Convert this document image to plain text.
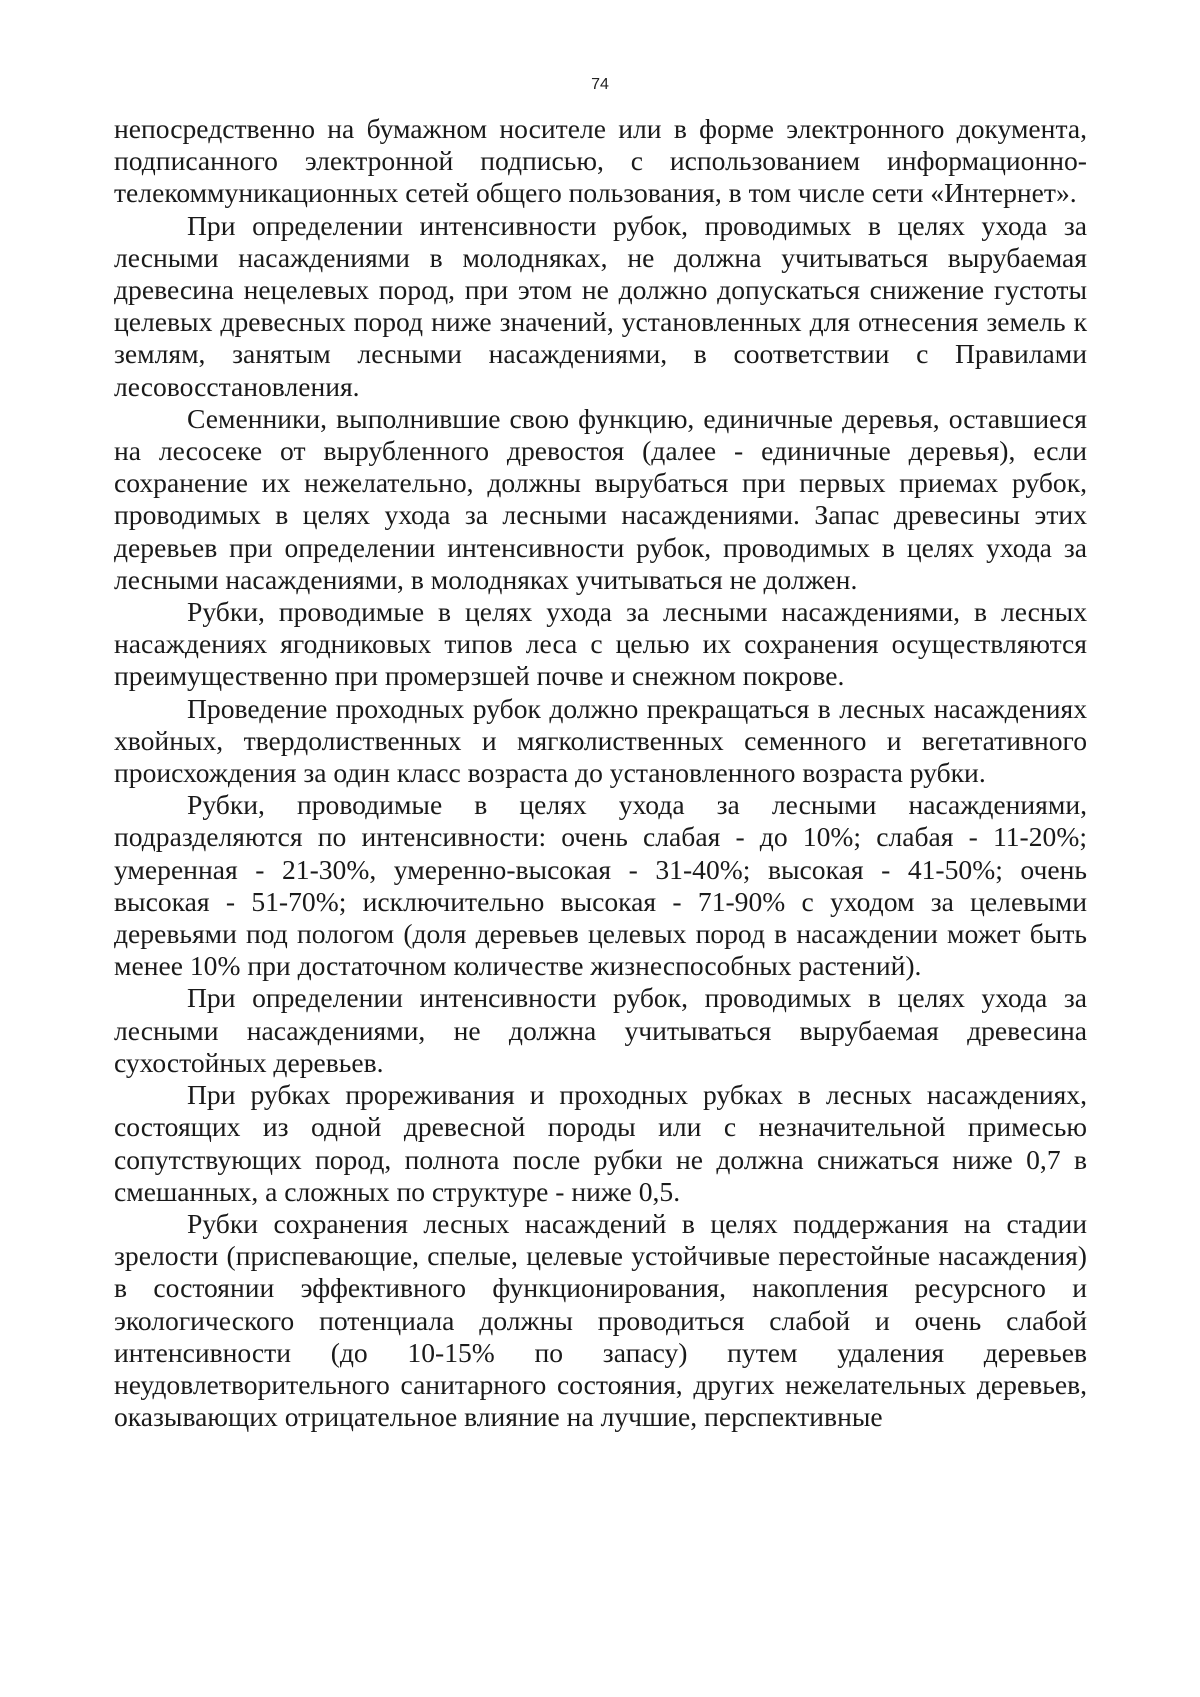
74

непосредственно на бумажном носителе или в форме электронного документа, подписанного электронной подписью, с использованием информационно-телекоммуникационных сетей общего пользования, в том числе сети «Интернет».

При определении интенсивности рубок, проводимых в целях ухода за лесными насаждениями в молодняках, не должна учитываться вырубаемая древесина нецелевых пород, при этом не должно допускаться снижение густоты целевых древесных пород ниже значений, установленных для отнесения земель к землям, занятым лесными насаждениями, в соответствии с Правилами лесовосстановления.

Семенники, выполнившие свою функцию, единичные деревья, оставшиеся на лесосеке от вырубленного древостоя (далее - единичные деревья), если сохранение их нежелательно, должны вырубаться при первых приемах рубок, проводимых в целях ухода за лесными насаждениями. Запас древесины этих деревьев при определении интенсивности рубок, проводимых в целях ухода за лесными насаждениями, в молодняках учитываться не должен.

Рубки, проводимые в целях ухода за лесными насаждениями, в лесных насаждениях ягодниковых типов леса с целью их сохранения осуществляются преимущественно при промерзшей почве и снежном покрове.

Проведение проходных рубок должно прекращаться в лесных насаждениях хвойных, твердолиственных и мягколиственных семенного и вегетативного происхождения за один класс возраста до установленного возраста рубки.

Рубки, проводимые в целях ухода за лесными насаждениями, подразделяются по интенсивности: очень слабая - до 10%; слабая - 11-20%; умеренная - 21-30%, умеренно-высокая - 31-40%; высокая - 41-50%; очень высокая - 51-70%; исключительно высокая - 71-90% с уходом за целевыми деревьями под пологом (доля деревьев целевых пород в насаждении может быть менее 10% при достаточном количестве жизнеспособных растений).

При определении интенсивности рубок, проводимых в целях ухода за лесными насаждениями, не должна учитываться вырубаемая древесина сухостойных деревьев.

При рубках прореживания и проходных рубках в лесных насаждениях, состоящих из одной древесной породы или с незначительной примесью сопутствующих пород, полнота после рубки не должна снижаться ниже 0,7 в смешанных, а сложных по структуре - ниже 0,5.

Рубки сохранения лесных насаждений в целях поддержания на стадии зрелости (приспевающие, спелые, целевые устойчивые перестойные насаждения) в состоянии эффективного функционирования, накопления ресурсного и экологического потенциала должны проводиться слабой и очень слабой интенсивности (до 10-15% по запасу) путем удаления деревьев неудовлетворительного санитарного состояния, других нежелательных деревьев, оказывающих отрицательное влияние на лучшие, перспективные
